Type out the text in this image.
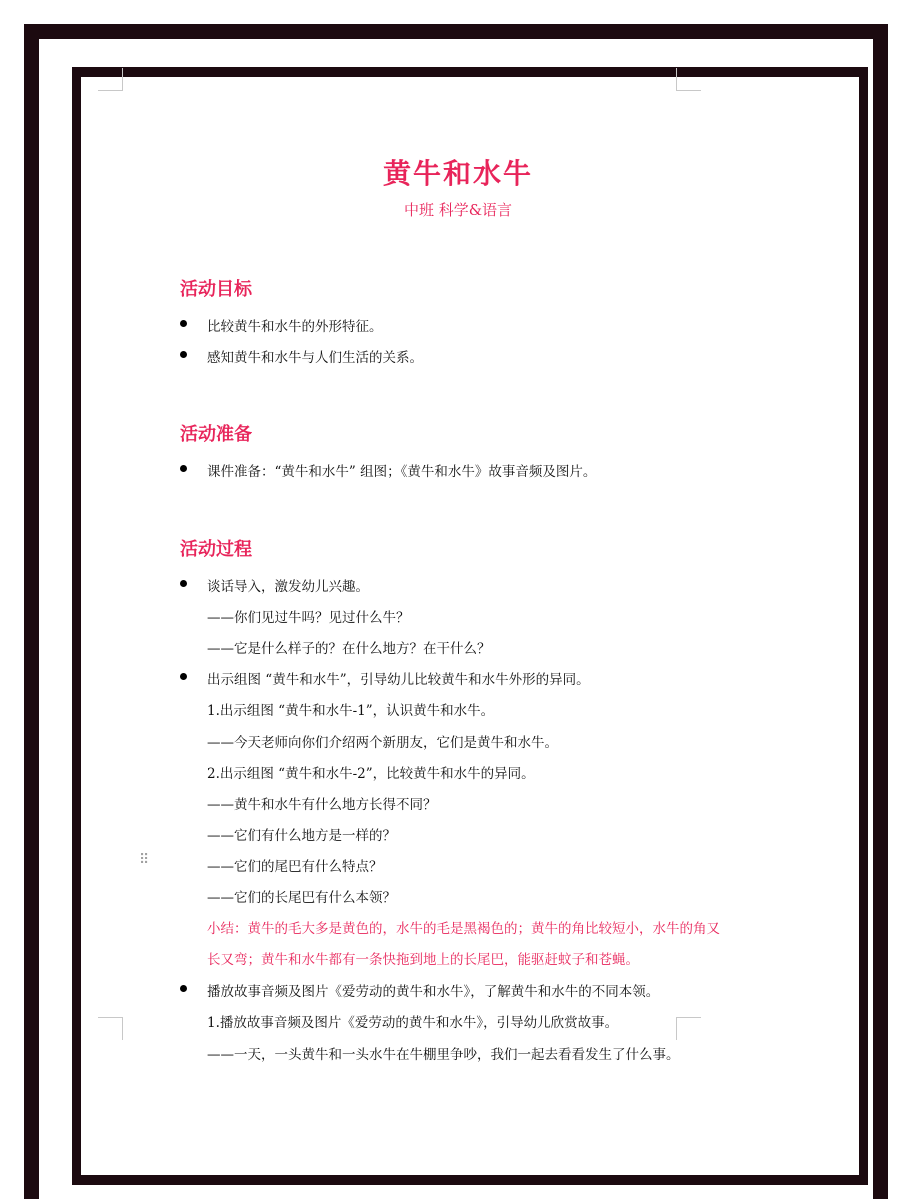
⠿
黄牛和水牛
中班 科学&语言
活动目标
比较黄牛和水牛的外形特征。
感知黄牛和水牛与人们生活的关系。
活动准备
课件准备：“黄牛和水牛” 组图；《黄牛和水牛》故事音频及图片。
活动过程
谈话导入，激发幼儿兴趣。
——你们见过牛吗？见过什么牛？
——它是什么样子的？在什么地方？在干什么？
出示组图 “黄牛和水牛”，引导幼儿比较黄牛和水牛外形的异同。
1.出示组图 “黄牛和水牛-1”，认识黄牛和水牛。
——今天老师向你们介绍两个新朋友，它们是黄牛和水牛。
2.出示组图 “黄牛和水牛-2”，比较黄牛和水牛的异同。
——黄牛和水牛有什么地方长得不同？
——它们有什么地方是一样的？
——它们的尾巴有什么特点？
——它们的长尾巴有什么本领？
小结：黄牛的毛大多是黄色的，水牛的毛是黑褐色的；黄牛的角比较短小，水牛的角又
长又弯；黄牛和水牛都有一条快拖到地上的长尾巴，能驱赶蚊子和苍蝇。
播放故事音频及图片《爱劳动的黄牛和水牛》，了解黄牛和水牛的不同本领。
1.播放故事音频及图片《爱劳动的黄牛和水牛》，引导幼儿欣赏故事。
——一天，一头黄牛和一头水牛在牛棚里争吵，我们一起去看看发生了什么事。
